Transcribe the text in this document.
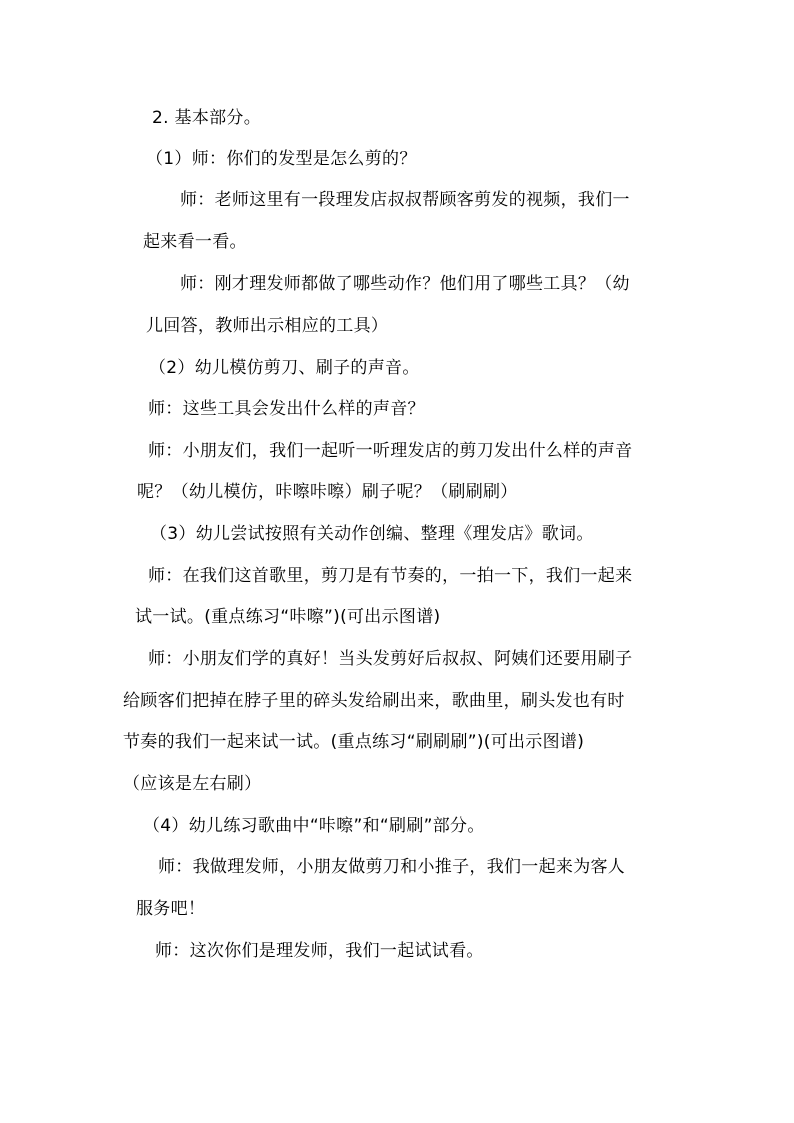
2. 基本部分。
（1）师：你们的发型是怎么剪的？
师：老师这里有一段理发店叔叔帮顾客剪发的视频，我们一
起来看一看。
师：刚才理发师都做了哪些动作？他们用了哪些工具？（幼
儿回答，教师出示相应的工具）
（2）幼儿模仿剪刀、刷子的声音。
师：这些工具会发出什么样的声音？
师：小朋友们，我们一起听一听理发店的剪刀发出什么样的声音
呢？（幼儿模仿，咔嚓咔嚓）刷子呢？（刷刷刷）
（3）幼儿尝试按照有关动作创编、整理《理发店》歌词。
师：在我们这首歌里，剪刀是有节奏的，一拍一下，我们一起来
试一试。(重点练习“咔嚓”)(可出示图谱)
师：小朋友们学的真好！当头发剪好后叔叔、阿姨们还要用刷子
给顾客们把掉在脖子里的碎头发给刷出来，歌曲里，刷头发也有时
节奏的我们一起来试一试。(重点练习“刷刷刷”)(可出示图谱)
（应该是左右刷）
（4）幼儿练习歌曲中“咔嚓”和“刷刷”部分。
师：我做理发师，小朋友做剪刀和小推子，我们一起来为客人
服务吧！
师：这次你们是理发师，我们一起试试看。
